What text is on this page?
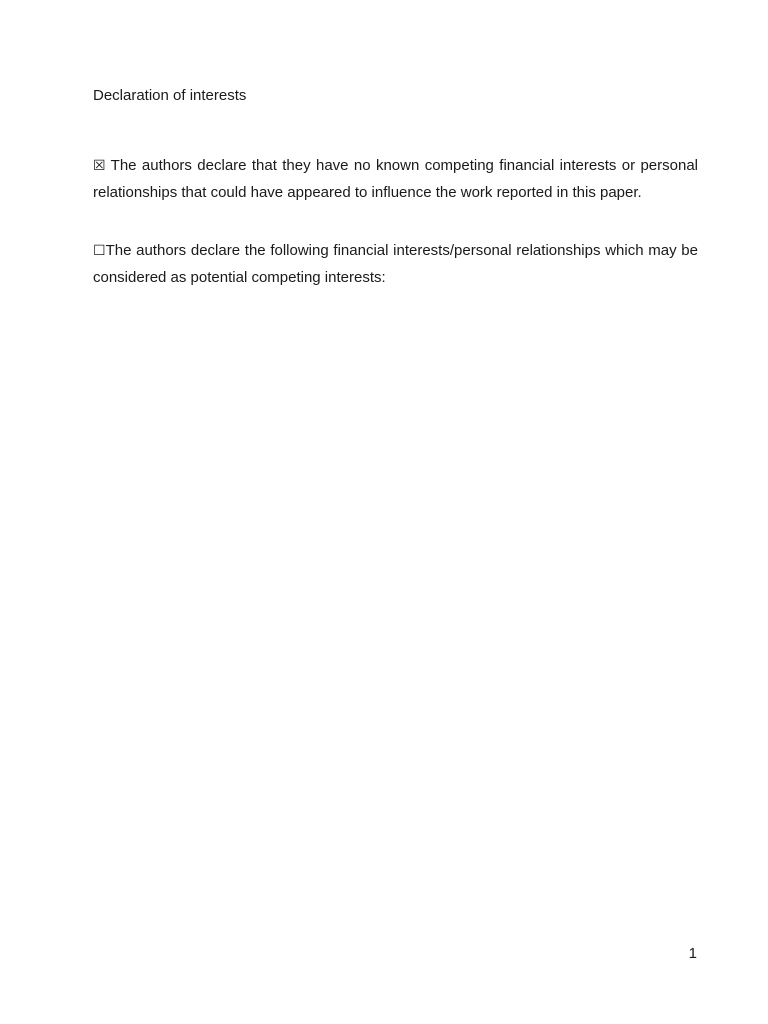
Declaration of interests

☒ The authors declare that they have no known competing financial interests or personal relationships that could have appeared to influence the work reported in this paper.

☐The authors declare the following financial interests/personal relationships which may be considered as potential competing interests:

1
